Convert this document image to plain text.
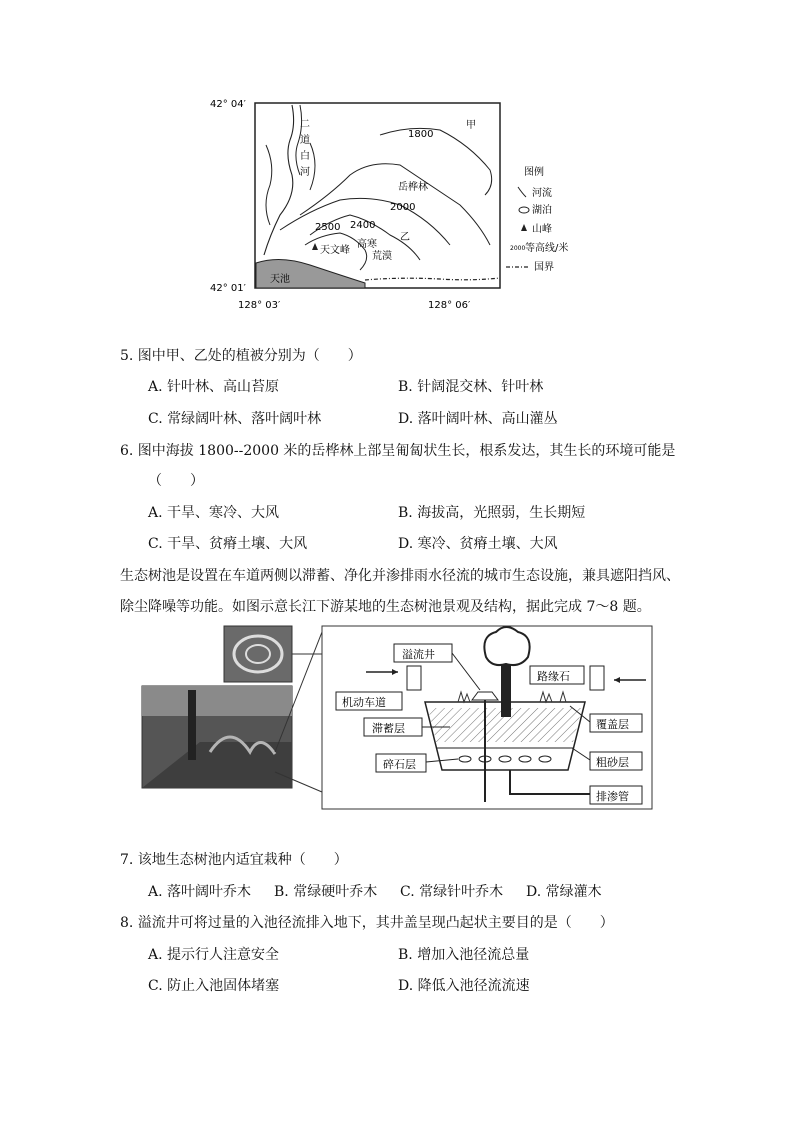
42° 04′
42° 01′
128° 03′	128° 06′
甲
乙
二
道
白
河
1800
2000
2400
2500
岳桦林
天文峰
高寒
荒漠
天池
图例
河流
湖泊
山峰
2000 等高线/米
国界
5. 图中甲、乙处的植被分别为（　　）
A. 针叶林、高山苔原	B. 针阔混交林、针叶林
C. 常绿阔叶林、落叶阔叶林	D. 落叶阔叶林、高山灌丛
6. 图中海拔 1800--2000 米的岳桦林上部呈匍匐状生长，根系发达，其生长的环境可能是
（　　）
A. 干旱、寒冷、大风	B. 海拔高，光照弱，生长期短
C. 干旱、贫瘠土壤、大风	D. 寒冷、贫瘠土壤、大风
生态树池是设置在车道两侧以滞蓄、净化并渗排雨水径流的城市生态设施，兼具遮阳挡风、
除尘降噪等功能。如图示意长江下游某地的生态树池景观及结构，据此完成 7～8 题。
溢流井
路缘石
机动车道
滞蓄层	覆盖层
碎石层	粗砂层
排渗管
7. 该地生态树池内适宜栽种（　　）
A. 落叶阔叶乔木 B. 常绿硬叶乔木 C. 常绿针叶乔木 D. 常绿灌木
8. 溢流井可将过量的入池径流排入地下，其井盖呈现凸起状主要目的是（　　）
A. 提示行人注意安全	B. 增加入池径流总量
C. 防止入池固体堵塞	D. 降低入池径流流速
